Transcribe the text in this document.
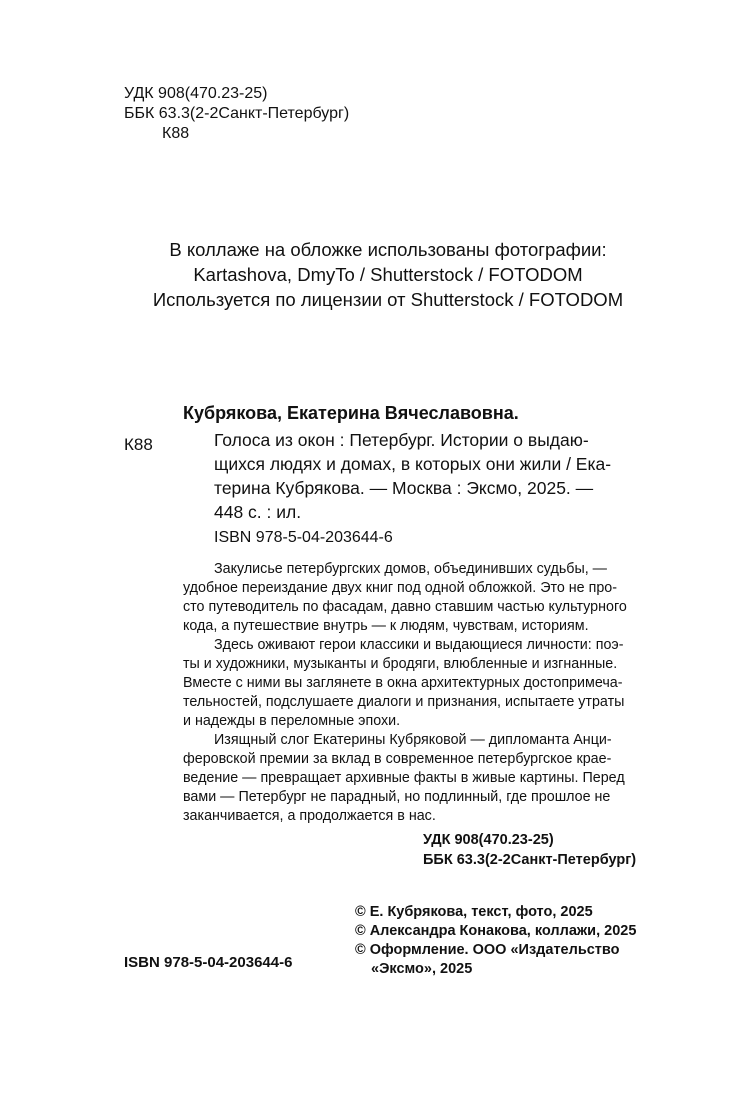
УДК 908(470.23-25)
ББК 63.3(2-2Санкт-Петербург)
К88
В коллаже на обложке использованы фотографии:
Kartashova, DmyTo / Shutterstock / FOTODOM
Используется по лицензии от Shutterstock / FOTODOM
Кубрякова, Екатерина Вячеславовна.
К88	Голоса из окон : Петербург. Истории о выдаю-
щихся людях и домах, в которых они жили / Ека-
терина Кубрякова. — Москва : Эксмо, 2025. —
448 с. : ил.
ISBN 978-5-04-203644-6
Закулисье петербургских домов, объединивших судьбы, —
удобное переиздание двух книг под одной обложкой. Это не про-
сто путеводитель по фасадам, давно ставшим частью культурного
кода, а путешествие внутрь — к людям, чувствам, историям.
Здесь оживают герои классики и выдающиеся личности: поэ-
ты и художники, музыканты и бродяги, влюбленные и изгнанные.
Вместе с ними вы заглянете в окна архитектурных достопримеча-
тельностей, подслушаете диалоги и признания, испытаете утраты
и надежды в переломные эпохи.
Изящный слог Екатерины Кубряковой — дипломанта Анци-
феровской премии за вклад в современное петербургское крае-
ведение — превращает архивные факты в живые картины. Перед
вами — Петербург не парадный, но подлинный, где прошлое не
заканчивается, а продолжается в нас.
УДК 908(470.23-25)
ББК 63.3(2-2Санкт-Петербург)
© Е. Кубрякова, текст, фото, 2025
© Александра Конакова, коллажи, 2025
© Оформление. ООО «Издательство
«Эксмо», 2025
ISBN 978-5-04-203644-6
